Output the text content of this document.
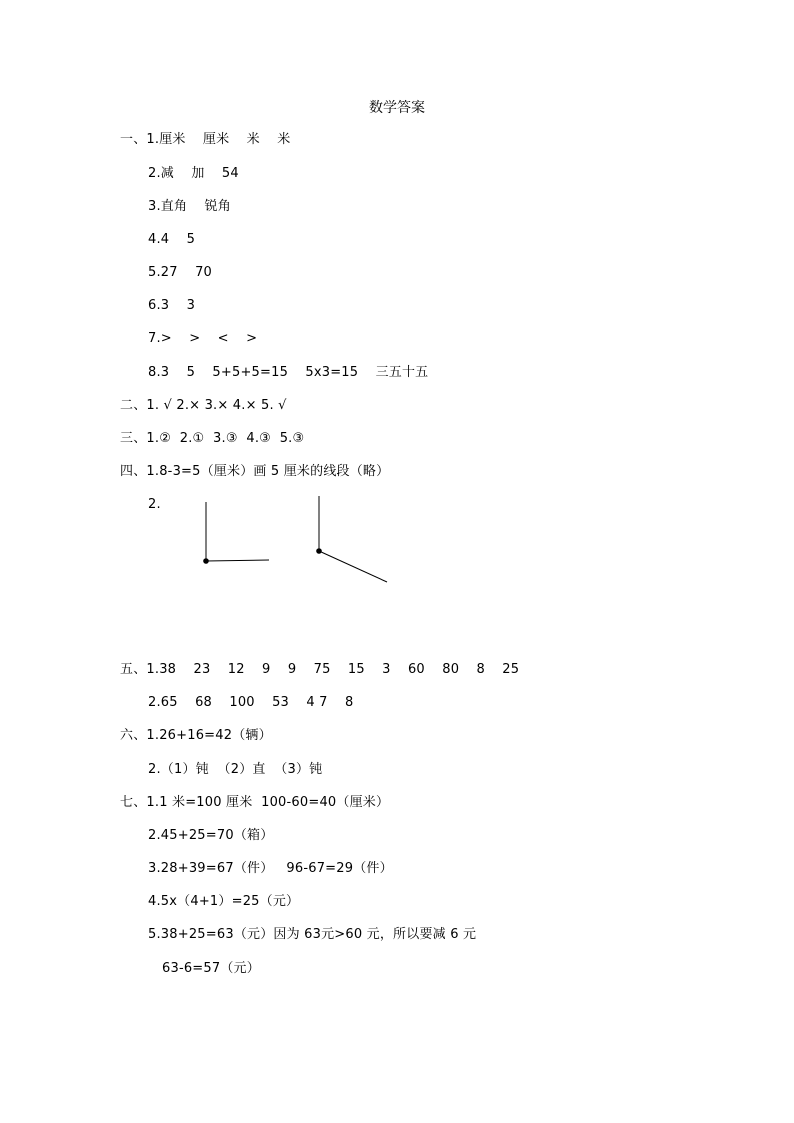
数学答案
一、1.厘米    厘米    米    米
2.减    加    54
3.直角    锐角
4.4    5
5.27    70
6.3    3
7.>    >    <    >
8.3    5    5+5+5=15    5x3=15    三五十五
二、1. √ 2.× 3.× 4.× 5. √
三、1.②  2.①  3.③  4.③  5.③
四、1.8-3=5（厘米）画 5 厘米的线段（略）
2.
五、1.38    23    12    9    9    75    15    3    60    80    8    25
2.65    68    100    53    4 7    8
六、1.26+16=42（辆）
2.（1）钝  （2）直  （3）钝
七、1.1 米=100 厘米  100-60=40（厘米）
2.45+25=70（箱）
3.28+39=67（件）   96-67=29（件）
4.5x（4+1）=25（元）
5.38+25=63（元）因为 63元>60 元，所以要减 6 元
63-6=57（元）
